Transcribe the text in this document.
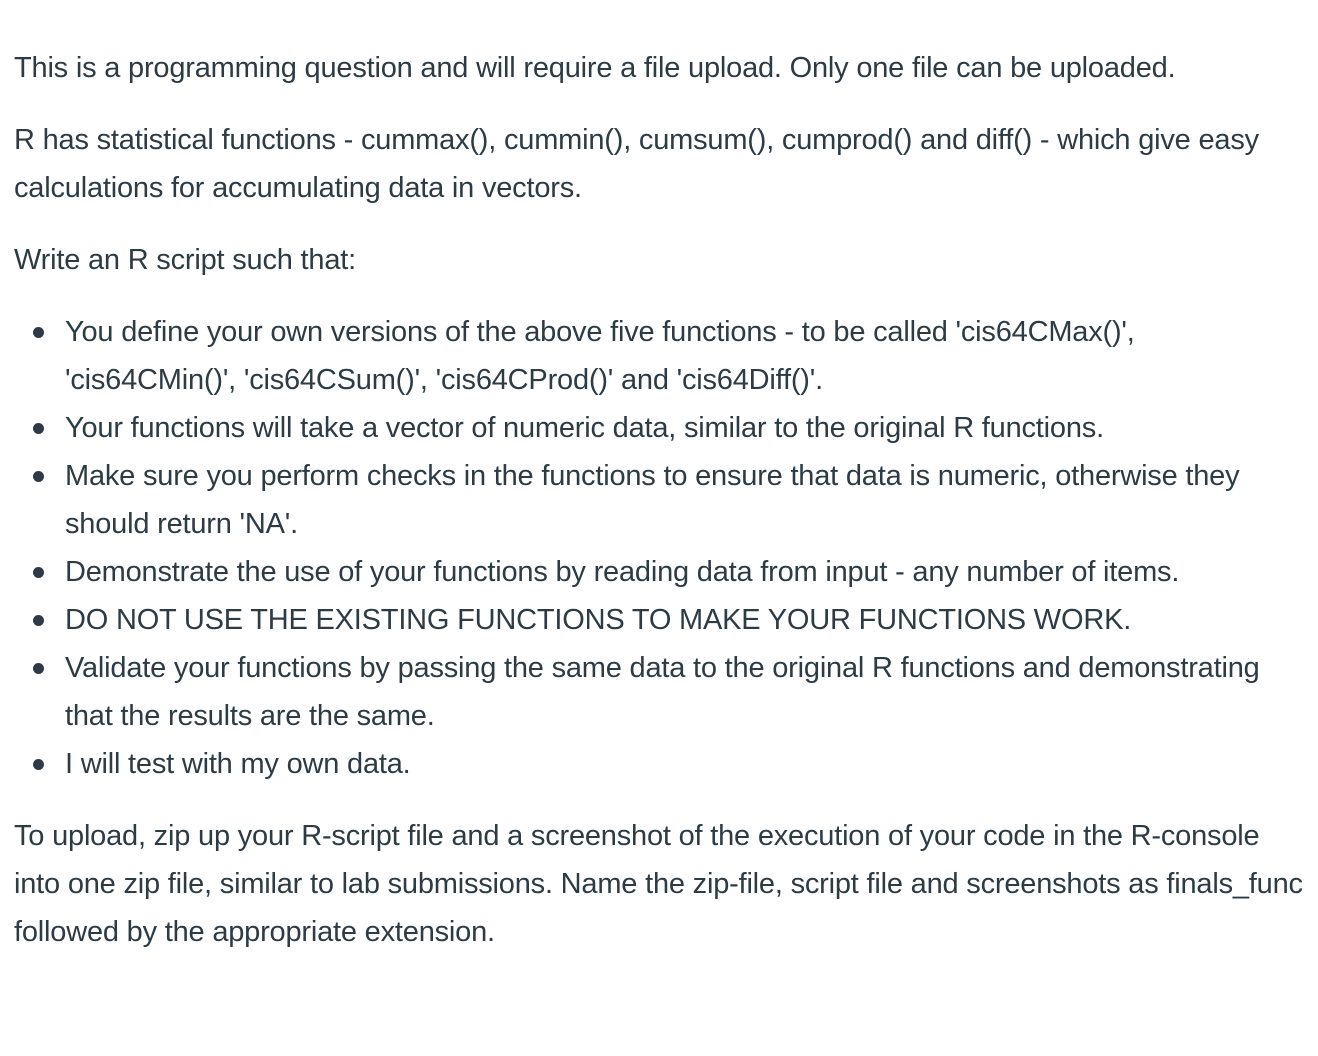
This is a programming question and will require a file upload. Only one file can be uploaded.

R has statistical functions - cummax(), cummin(), cumsum(), cumprod() and diff() - which give easy calculations for accumulating data in vectors.

Write an R script such that:

You define your own versions of the above five functions - to be called 'cis64CMax()', 'cis64CMin()', 'cis64CSum()', 'cis64CProd()' and 'cis64Diff()'.
Your functions will take a vector of numeric data, similar to the original R functions.
Make sure you perform checks in the functions to ensure that data is numeric, otherwise they should return 'NA'.
Demonstrate the use of your functions by reading data from input - any number of items.
DO NOT USE THE EXISTING FUNCTIONS TO MAKE YOUR FUNCTIONS WORK.
Validate your functions by passing the same data to the original R functions and demonstrating that the results are the same.
I will test with my own data.

To upload, zip up your R-script file and a screenshot of the execution of your code in the R-console into one zip file, similar to lab submissions. Name the zip-file, script file and screenshots as finals_func followed by the appropriate extension.
